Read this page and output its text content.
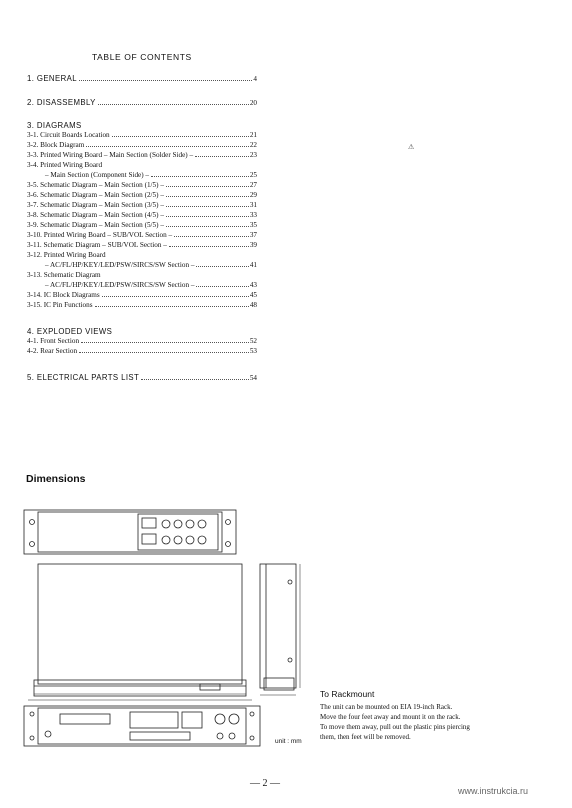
TABLE OF CONTENTS
1. GENERAL	4
2. DISASSEMBLY	20
3. DIAGRAMS
3-1. Circuit Boards Location	21
3-2. Block Diagram	22
3-3. Printed Wiring Board – Main Section (Solder Side) –	23
3-4. Printed Wiring Board
– Main Section (Component Side) –	25
3-5. Schematic Diagram – Main Section (1/5) –	27
3-6. Schematic Diagram – Main Section (2/5) –	29
3-7. Schematic Diagram – Main Section (3/5) –	31
3-8. Schematic Diagram – Main Section (4/5) –	33
3-9. Schematic Diagram – Main Section (5/5) –	35
3-10. Printed Wiring Board – SUB/VOL Section –	37
3-11. Schematic Diagram – SUB/VOL Section –	39
3-12. Printed Wiring Board
– AC/FL/HP/KEY/LED/PSW/SIRCS/SW Section –	41
3-13. Schematic Diagram
– AC/FL/HP/KEY/LED/PSW/SIRCS/SW Section –	43
3-14. IC Block Diagrams	45
3-15. IC Pin Functions	48
4. EXPLODED VIEWS
4-1. Front Section	52
4-2. Rear Section	53
5. ELECTRICAL PARTS LIST	54
⚠
Dimensions
To Rackmount
The unit can be mounted on EIA 19-inch Rack.
Move the four feet away and mount it on the rack.
To move them away, pull out the plastic pins piercing
them, then feet will be removed.
unit : mm
— 2 —
www.instrukcia.ru
